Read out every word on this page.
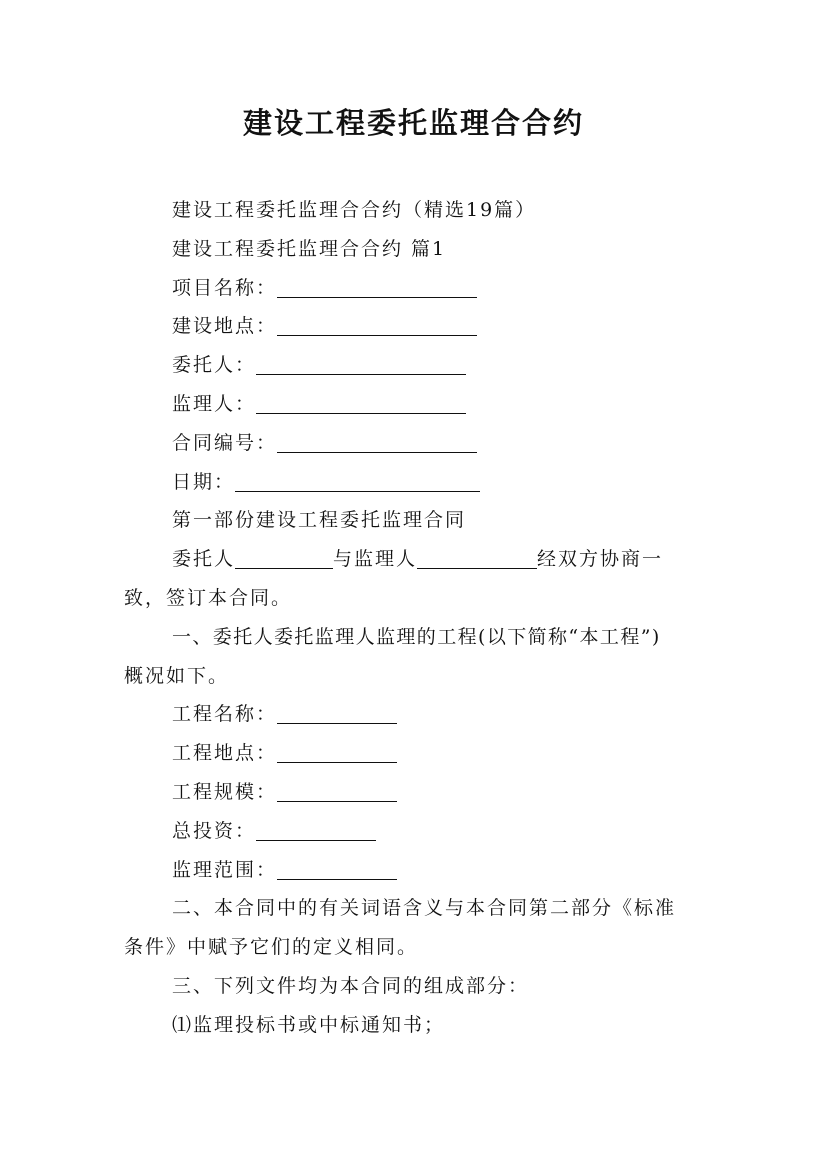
建设工程委托监理合合约
建设工程委托监理合合约（精选19篇）
建设工程委托监理合合约 篇1
项目名称：
建设地点：
委托人：
监理人：
合同编号：
日期：
第一部份建设工程委托监理合同
委托人	与监理人	经双方协商一
致，签订本合同。
一、委托人委托监理人监理的工程(以下简称“本工程”)
概况如下。
工程名称：
工程地点：
工程规模：
总投资：
监理范围：
二、本合同中的有关词语含义与本合同第二部分《标准
条件》中赋予它们的定义相同。
三、下列文件均为本合同的组成部分：
⑴监理投标书或中标通知书；
